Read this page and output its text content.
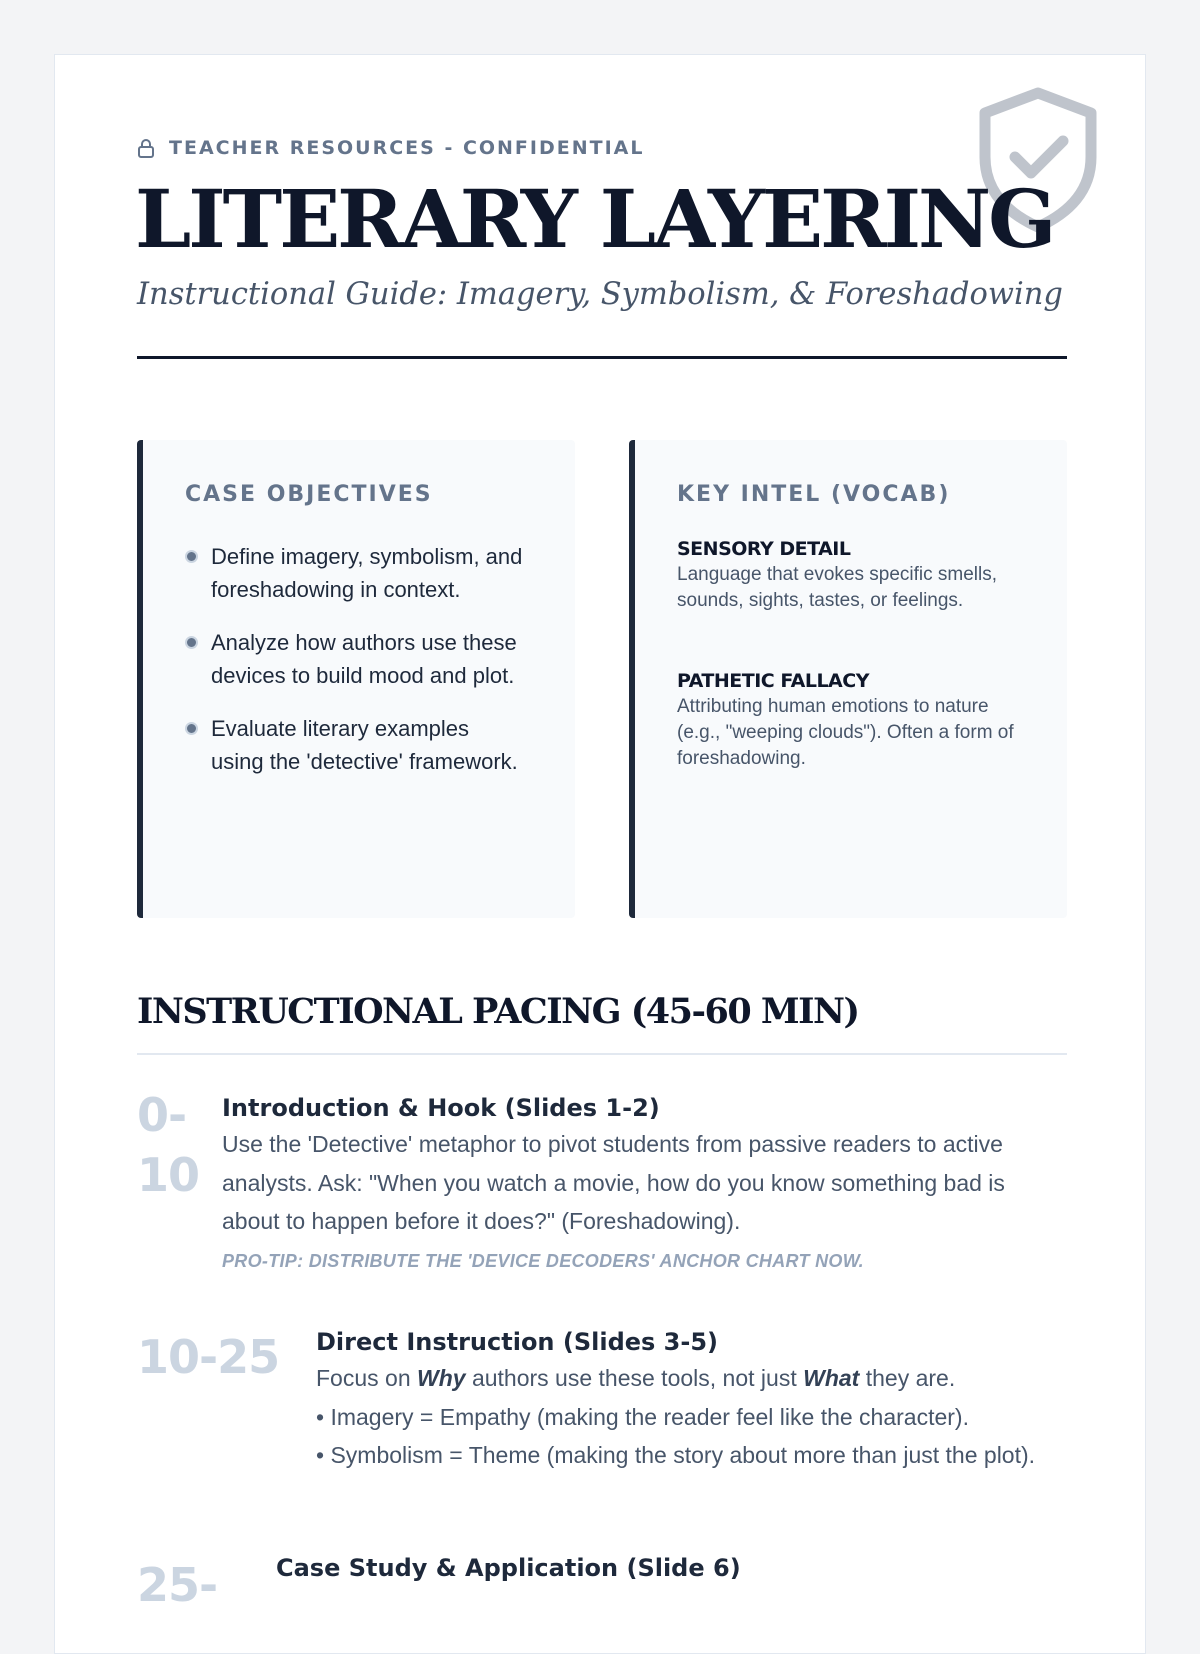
TEACHER RESOURCES - CONFIDENTIAL
LITERARY LAYERING

Instructional Guide: Imagery, Symbolism, & Foreshadowing

CASE OBJECTIVES
Define imagery, symbolism, and foreshadowing in context.
Analyze how authors use these devices to build mood and plot.
Evaluate literary examples using the 'detective' framework.
KEY INTEL (VOCAB)
SENSORY DETAIL
Language that evokes specific smells, sounds, sights, tastes, or feelings.
PATHETIC FALLACY
Attributing human emotions to nature (e.g., "weeping clouds"). Often a form of foreshadowing.
INSTRUCTIONAL PACING (45-60 MIN)
0-10
Introduction & Hook (Slides 1-2)
Use the 'Detective' metaphor to pivot students from passive readers to active analysts. Ask: "When you watch a movie, how do you know something bad is about to happen before it does?" (Foreshadowing).
PRO-TIP: DISTRIBUTE THE 'DEVICE DECODERS' ANCHOR CHART NOW.
10-25 Direct Instruction (Slides 3-5)
Focus on Why authors use these tools, not just What they are.
• Imagery = Empathy (making the reader feel like the character).
• Symbolism = Theme (making the story about more than just the plot).
25- Case Study & Application (Slide 6)
